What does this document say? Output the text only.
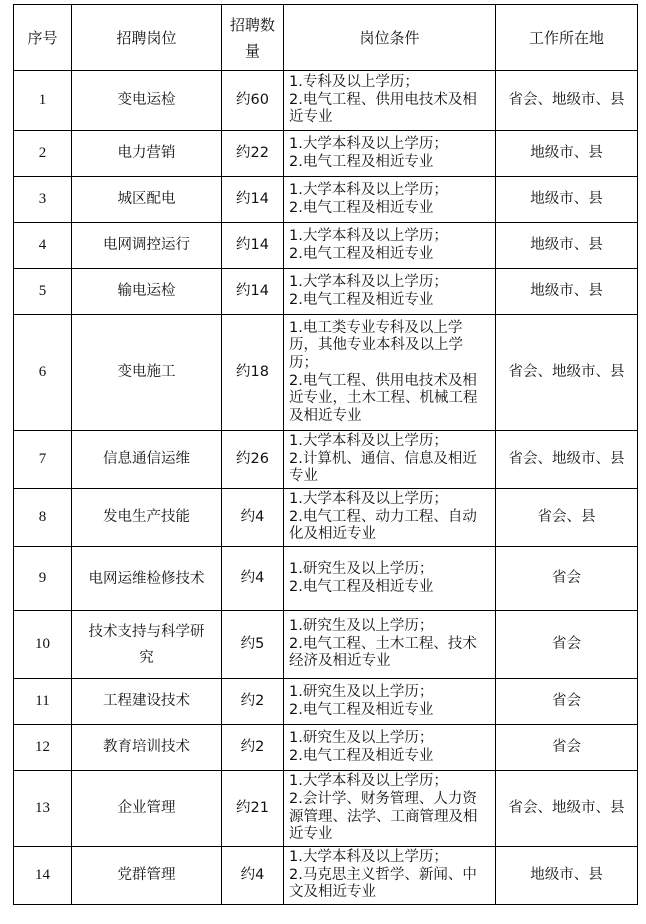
序号	招聘岗位	招聘数量	岗位条件	工作所在地
1	变电运检	约60	1.专科及以上学历；
2.电气工程、供用电技术及相近专业	省会、地级市、县
2	电力营销	约22	1.大学本科及以上学历；
2.电气工程及相近专业	地级市、县
3	城区配电	约14	1.大学本科及以上学历；
2.电气工程及相近专业	地级市、县
4	电网调控运行	约14	1.大学本科及以上学历；
2.电气工程及相近专业	地级市、县
5	输电运检	约14	1.大学本科及以上学历；
2.电气工程及相近专业	地级市、县
6	变电施工	约18	1.电工类专业专科及以上学历，其他专业本科及以上学历；
2.电气工程、供用电技术及相近专业，土木工程、机械工程及相近专业	省会、地级市、县
7	信息通信运维	约26	1.大学本科及以上学历；
2.计算机、通信、信息及相近专业	省会、地级市、县
8	发电生产技能	约4	1.大学本科及以上学历；
2.电气工程、动力工程、自动化及相近专业	省会、县
9	电网运维检修技术	约4	1.研究生及以上学历；
2.电气工程及相近专业	省会
10	技术支持与科学研究	约5	1.研究生及以上学历；
2.电气工程、土木工程、技术经济及相近专业	省会
11	工程建设技术	约2	1.研究生及以上学历；
2.电气工程及相近专业	省会
12	教育培训技术	约2	1.研究生及以上学历；
2.电气工程及相近专业	省会
13	企业管理	约21	1.大学本科及以上学历；
2.会计学、财务管理、人力资源管理、法学、工商管理及相近专业	省会、地级市、县
14	党群管理	约4	1.大学本科及以上学历；
2.马克思主义哲学、新闻、中文及相近专业	地级市、县
